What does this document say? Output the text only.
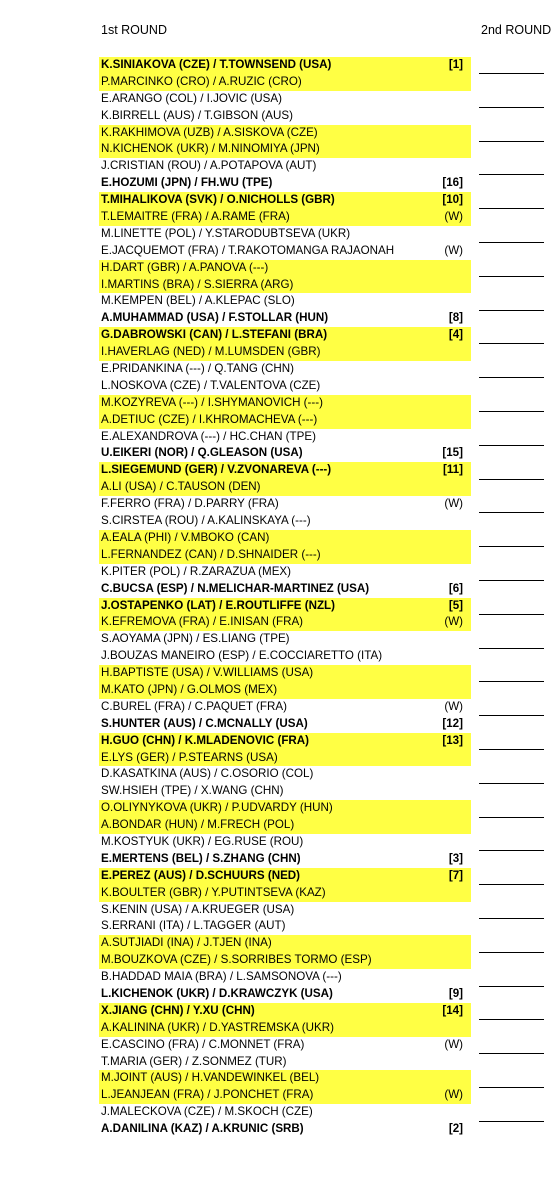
1st ROUND	2nd ROUND
K.SINIAKOVA (CZE) / T.TOWNSEND (USA)	[1]
P.MARCINKO (CRO) / A.RUZIC (CRO)
E.ARANGO (COL) / I.JOVIC (USA)
K.BIRRELL (AUS) / T.GIBSON (AUS)
K.RAKHIMOVA (UZB) / A.SISKOVA (CZE)
N.KICHENOK (UKR) / M.NINOMIYA (JPN)
J.CRISTIAN (ROU) / A.POTAPOVA (AUT)
E.HOZUMI (JPN) / FH.WU (TPE)	[16]
T.MIHALIKOVA (SVK) / O.NICHOLLS (GBR)	[10]
T.LEMAITRE (FRA) / A.RAME (FRA)	(W)
M.LINETTE (POL) / Y.STARODUBTSEVA (UKR)
E.JACQUEMOT (FRA) / T.RAKOTOMANGA RAJAONAH	(W)
H.DART (GBR) / A.PANOVA (---)
I.MARTINS (BRA) / S.SIERRA (ARG)
M.KEMPEN (BEL) / A.KLEPAC (SLO)
A.MUHAMMAD (USA) / F.STOLLAR (HUN)	[8]
G.DABROWSKI (CAN) / L.STEFANI (BRA)	[4]
I.HAVERLAG (NED) / M.LUMSDEN (GBR)
E.PRIDANKINA (---) / Q.TANG (CHN)
L.NOSKOVA (CZE) / T.VALENTOVA (CZE)
M.KOZYREVA (---) / I.SHYMANOVICH (---)
A.DETIUC (CZE) / I.KHROMACHEVA (---)
E.ALEXANDROVA (---) / HC.CHAN (TPE)
U.EIKERI (NOR) / Q.GLEASON (USA)	[15]
L.SIEGEMUND (GER) / V.ZVONAREVA (---)	[11]
A.LI (USA) / C.TAUSON (DEN)
F.FERRO (FRA) / D.PARRY (FRA)	(W)
S.CIRSTEA (ROU) / A.KALINSKAYA (---)
A.EALA (PHI) / V.MBOKO (CAN)
L.FERNANDEZ (CAN) / D.SHNAIDER (---)
K.PITER (POL) / R.ZARAZUA (MEX)
C.BUCSA (ESP) / N.MELICHAR-MARTINEZ (USA)	[6]
J.OSTAPENKO (LAT) / E.ROUTLIFFE (NZL)	[5]
K.EFREMOVA (FRA) / E.INISAN (FRA)	(W)
S.AOYAMA (JPN) / ES.LIANG (TPE)
J.BOUZAS MANEIRO (ESP) / E.COCCIARETTO (ITA)
H.BAPTISTE (USA) / V.WILLIAMS (USA)
M.KATO (JPN) / G.OLMOS (MEX)
C.BUREL (FRA) / C.PAQUET (FRA)	(W)
S.HUNTER (AUS) / C.MCNALLY (USA)	[12]
H.GUO (CHN) / K.MLADENOVIC (FRA)	[13]
E.LYS (GER) / P.STEARNS (USA)
D.KASATKINA (AUS) / C.OSORIO (COL)
SW.HSIEH (TPE) / X.WANG (CHN)
O.OLIYNYKOVA (UKR) / P.UDVARDY (HUN)
A.BONDAR (HUN) / M.FRECH (POL)
M.KOSTYUK (UKR) / EG.RUSE (ROU)
E.MERTENS (BEL) / S.ZHANG (CHN)	[3]
E.PEREZ (AUS) / D.SCHUURS (NED)	[7]
K.BOULTER (GBR) / Y.PUTINTSEVA (KAZ)
S.KENIN (USA) / A.KRUEGER (USA)
S.ERRANI (ITA) / L.TAGGER (AUT)
A.SUTJIADI (INA) / J.TJEN (INA)
M.BOUZKOVA (CZE) / S.SORRIBES TORMO (ESP)
B.HADDAD MAIA (BRA) / L.SAMSONOVA (---)
L.KICHENOK (UKR) / D.KRAWCZYK (USA)	[9]
X.JIANG (CHN) / Y.XU (CHN)	[14]
A.KALININA (UKR) / D.YASTREMSKA (UKR)
E.CASCINO (FRA) / C.MONNET (FRA)	(W)
T.MARIA (GER) / Z.SONMEZ (TUR)
M.JOINT (AUS) / H.VANDEWINKEL (BEL)
L.JEANJEAN (FRA) / J.PONCHET (FRA)	(W)
J.MALECKOVA (CZE) / M.SKOCH (CZE)
A.DANILINA (KAZ) / A.KRUNIC (SRB)	[2]
